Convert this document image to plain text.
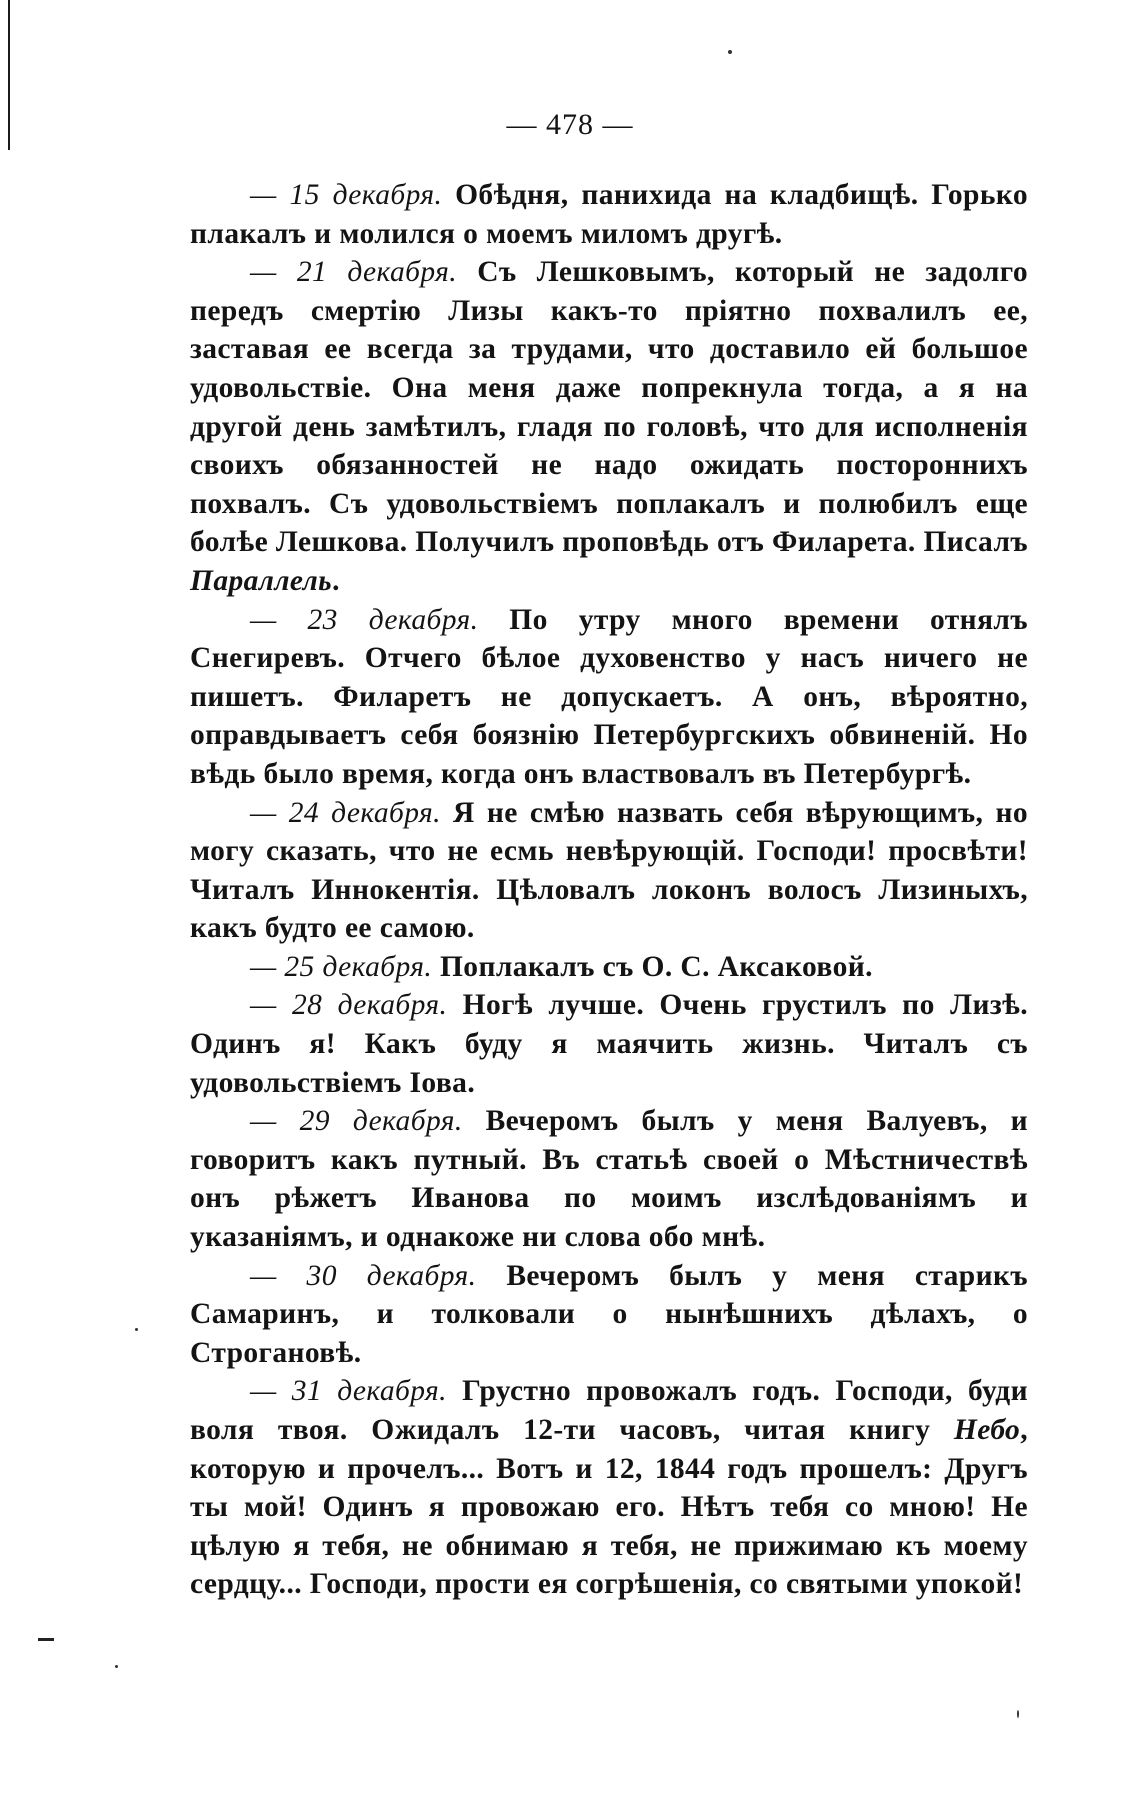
— 478 —

— 15 декабря. Обѣдня, панихида на кладбищѣ. Горько плакалъ и молился о моемъ миломъ другѣ.

— 21 декабря. Съ Лешковымъ, который не задолго передъ смертію Лизы какъ-то пріятно похвалилъ ее, заставая ее всегда за трудами, что доставило ей большое удовольствіе. Она меня даже попрекнула тогда, а я на другой день замѣтилъ, гладя по головѣ, что для исполненія своихъ обязанностей не надо ожидать постороннихъ похвалъ. Съ удовольствіемъ поплакалъ и полюбилъ еще болѣе Лешкова. Получилъ проповѣдь отъ Филарета. Писалъ Параллель.

— 23 декабря. По утру много времени отнялъ Снегиревъ. Отчего бѣлое духовенство у насъ ничего не пишетъ. Филаретъ не допускаетъ. А онъ, вѣроятно, оправдываетъ себя боязнію Петербургскихъ обвиненій. Но вѣдь было время, когда онъ властвовалъ въ Петербургѣ.

— 24 декабря. Я не смѣю назвать себя вѣрующимъ, но могу сказать, что не есмь невѣрующій. Господи! просвѣти! Читалъ Иннокентія. Цѣловалъ локонъ волосъ Лизиныхъ, какъ будто ее самою.

— 25 декабря. Поплакалъ съ О. С. Аксаковой.

— 28 декабря. Ногѣ лучше. Очень грустилъ по Лизѣ. Одинъ я! Какъ буду я маячить жизнь. Читалъ съ удовольствіемъ Іова.

— 29 декабря. Вечеромъ былъ у меня Валуевъ, и говоритъ какъ путный. Въ статьѣ своей о Мѣстничествѣ онъ рѣжетъ Иванова по моимъ изслѣдованіямъ и указаніямъ, и однакоже ни слова обо мнѣ.

— 30 декабря. Вечеромъ былъ у меня старикъ Самаринъ, и толковали о нынѣшнихъ дѣлахъ, о Строгановѣ.

— 31 декабря. Грустно провожалъ годъ. Господи, буди воля твоя. Ожидалъ 12-ти часовъ, читая книгу Небо, которую и прочелъ... Вотъ и 12, 1844 годъ прошелъ: Другъ ты мой! Одинъ я провожаю его. Нѣтъ тебя со мною! Не цѣлую я тебя, не обнимаю я тебя, не прижимаю къ моему сердцу... Господи, прости ея согрѣшенія, со святыми упокой!
